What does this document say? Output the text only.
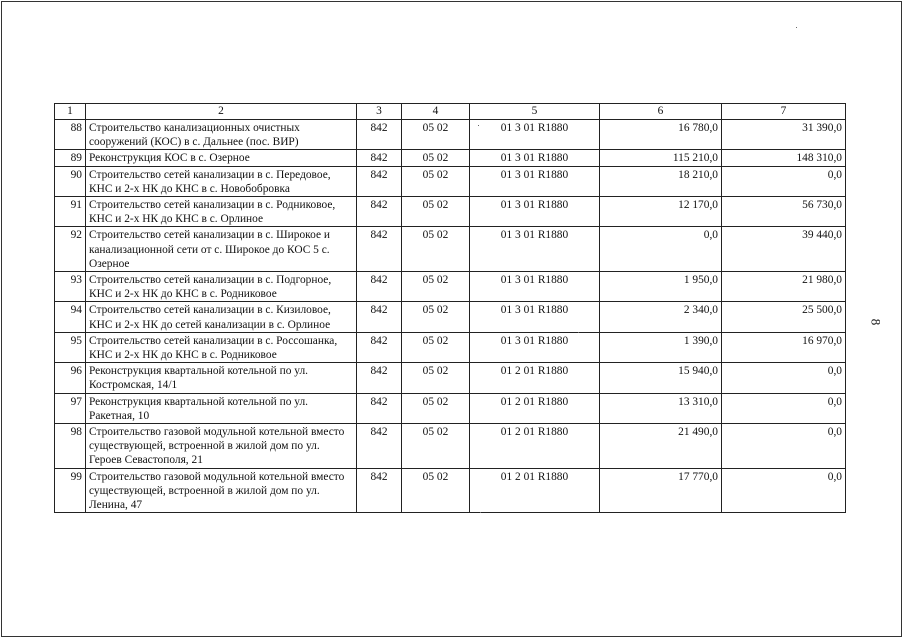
1	2	3	4	5	6	7
88	Строительство канализационных очистных сооружений (КОС) в с. Дальнее (пос. ВИР)	842	05 02	01 3 01 R1880	16 780,0	31 390,0
89	Реконструкция КОС в с. Озерное	842	05 02	01 3 01 R1880	115 210,0	148 310,0
90	Строительство сетей канализации в с. Передовое, КНС и 2-х НК до КНС в с. Новобобровка	842	05 02	01 3 01 R1880	18 210,0	0,0
91	Строительство сетей канализации в с. Родниковое, КНС и 2-х НК до КНС в с. Орлиное	842	05 02	01 3 01 R1880	12 170,0	56 730,0
92	Строительство сетей канализации в с. Широкое и канализационной сети от с. Широкое до КОС 5 с. Озерное	842	05 02	01 3 01 R1880	0,0	39 440,0
93	Строительство сетей канализации в с. Подгорное, КНС и 2-х НК до КНС в с. Родниковое	842	05 02	01 3 01 R1880	1 950,0	21 980,0
94	Строительство сетей канализации в с. Кизиловое, КНС и 2-х НК до сетей канализации в с. Орлиное	842	05 02	01 3 01 R1880	2 340,0	25 500,0
95	Строительство сетей канализации в с. Россошанка, КНС и 2-х НК до КНС в с. Родниковое	842	05 02	01 3 01 R1880	1 390,0	16 970,0
96	Реконструкция квартальной котельной по ул. Костромская, 14/1	842	05 02	01 2 01 R1880	15 940,0	0,0
97	Реконструкция квартальной котельной по ул. Ракетная, 10	842	05 02	01 2 01 R1880	13 310,0	0,0
98	Строительство газовой модульной котельной вместо существующей, встроенной в жилой дом по ул. Героев Севастополя, 21	842	05 02	01 2 01 R1880	21 490,0	0,0
99	Строительство газовой модульной котельной вместо существующей, встроенной в жилой дом по ул. Ленина, 47	842	05 02	01 2 01 R1880	17 770,0	0,0
8
